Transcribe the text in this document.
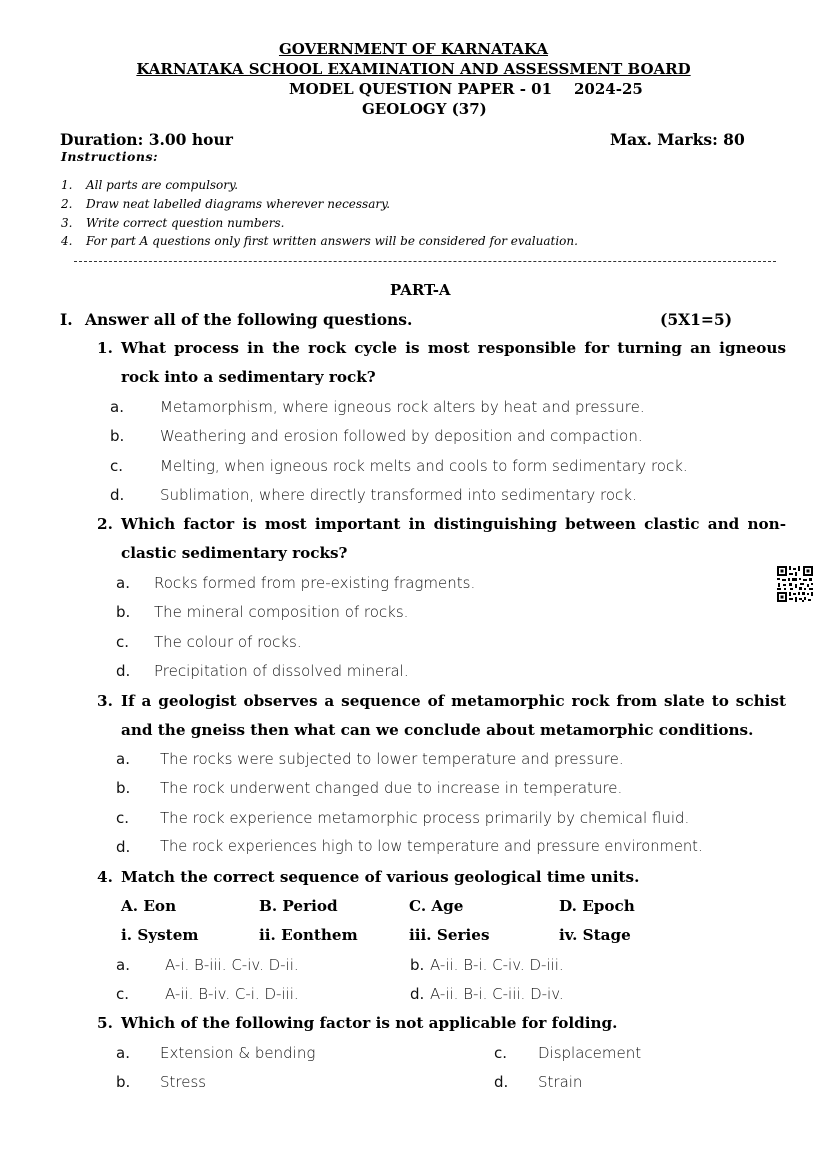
GOVERNMENT OF KARNATAKA
KARNATAKA SCHOOL EXAMINATION AND ASSESSMENT BOARD
MODEL QUESTION PAPER - 01 2024-25
GEOLOGY (37)
Duration: 3.00 hour	Max. Marks: 80
Instructions:
1. All parts are compulsory.
2. Draw neat labelled diagrams wherever necessary.
3. Write correct question numbers.
4. For part A questions only first written answers will be considered for evaluation.
PART-A
I. Answer all of the following questions.	(5X1=5)
1. What process in the rock cycle is most responsible for turning an igneous
rock into a sedimentary rock?
a. Metamorphism, where igneous rock alters by heat and pressure.
b. Weathering and erosion followed by deposition and compaction.
c. Melting, when igneous rock melts and cools to form sedimentary rock.
d. Sublimation, where directly transformed into sedimentary rock.
2. Which factor is most important in distinguishing between clastic and non-
clastic sedimentary rocks?
a. Rocks formed from pre-existing fragments.
b. The mineral composition of rocks.
c. The colour of rocks.
d. Precipitation of dissolved mineral.
3. If a geologist observes a sequence of metamorphic rock from slate to schist
and the gneiss then what can we conclude about metamorphic conditions.
a. The rocks were subjected to lower temperature and pressure.
b. The rock underwent changed due to increase in temperature.
c. The rock experience metamorphic process primarily by chemical fluid.
d. The rock experiences high to low temperature and pressure environment.
4. Match the correct sequence of various geological time units.
A. Eon	B. Period	C. Age	D. Epoch
i. System	ii. Eonthem	iii. Series	iv. Stage
a. A-i. B-iii. C-iv. D-ii.	b. A-ii. B-i. C-iv. D-iii.
c. A-ii. B-iv. C-i. D-iii.	d. A-ii. B-i. C-iii. D-iv.
5. Which of the following factor is not applicable for folding.
a. Extension & bending	c. Displacement
b. Stress	d. Strain
